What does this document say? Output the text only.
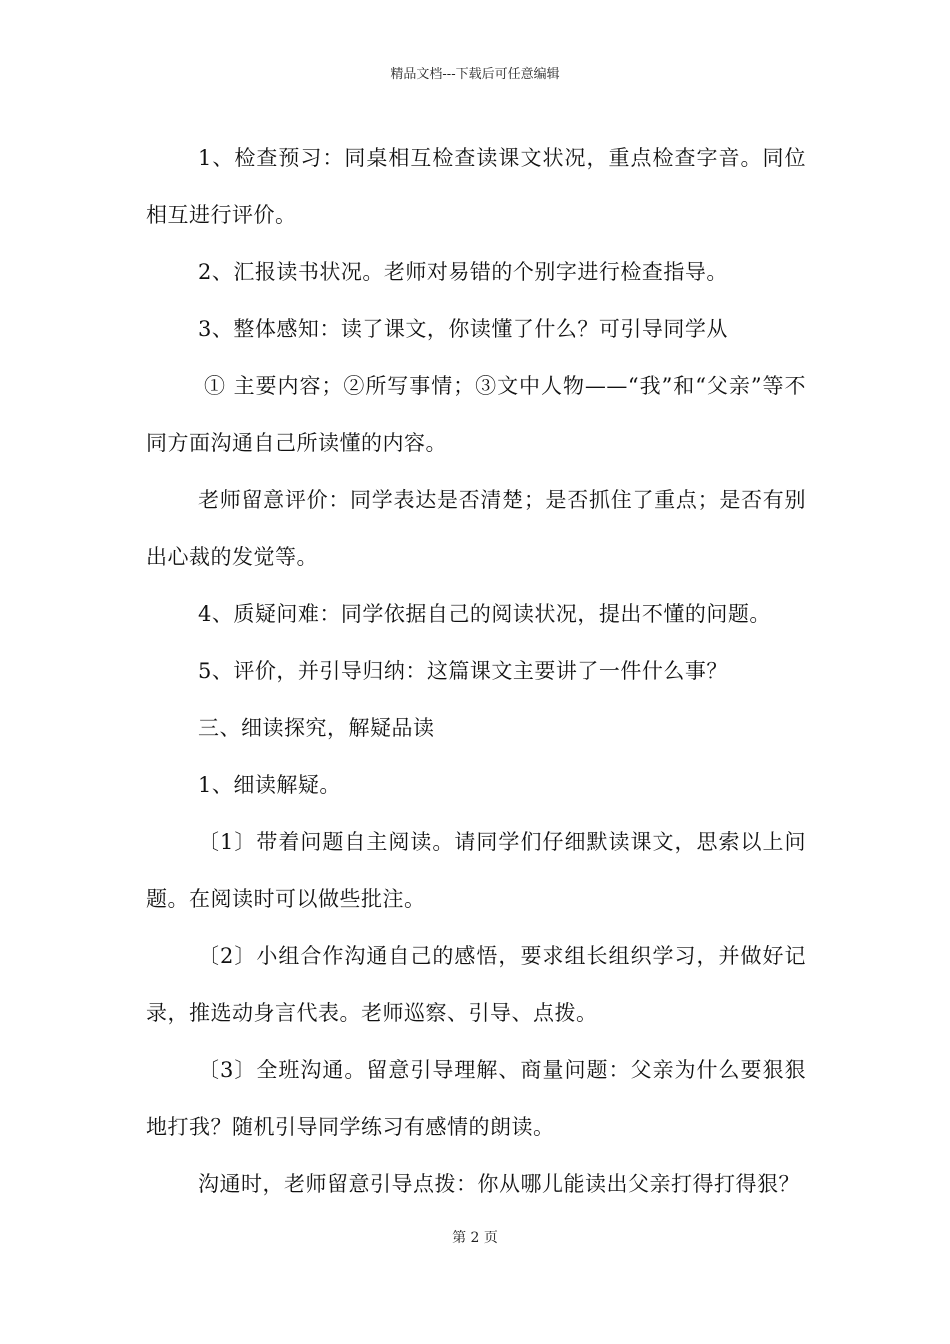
精品文档---下载后可任意编辑

1、检查预习：同桌相互检查读课文状况，重点检查字音。同位相互进行评价。

2、汇报读书状况。老师对易错的个别字进行检查指导。

3、整体感知：读了课文，你读懂了什么？可引导同学从

① 主要内容；②所写事情；③文中人物——“我”和“父亲”等不同方面沟通自己所读懂的内容。

老师留意评价：同学表达是否清楚；是否抓住了重点；是否有别出心裁的发觉等。

4、质疑问难：同学依据自己的阅读状况，提出不懂的问题。

5、评价，并引导归纳：这篇课文主要讲了一件什么事？

三、细读探究，解疑品读

1、细读解疑。

〔1〕带着问题自主阅读。请同学们仔细默读课文，思索以上问题。在阅读时可以做些批注。

〔2〕小组合作沟通自己的感悟，要求组长组织学习，并做好记录，推选动身言代表。老师巡察、引导、点拨。

〔3〕全班沟通。留意引导理解、商量问题：父亲为什么要狠狠地打我？随机引导同学练习有感情的朗读。

沟通时，老师留意引导点拨：你从哪儿能读出父亲打得打得狠？

第 2 页
